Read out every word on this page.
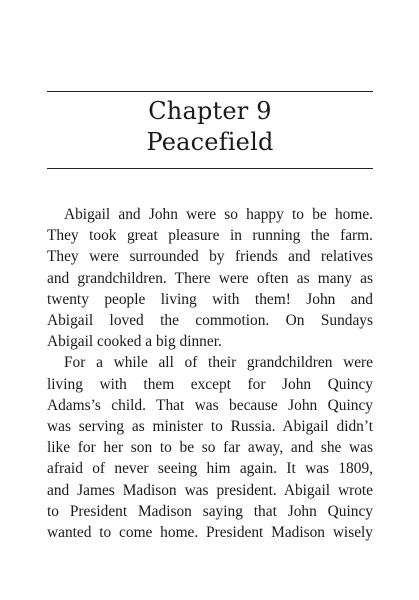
Chapter 9
Peacefield
Abigail and John were so happy to be home.
They took great pleasure in running the farm.
They were surrounded by friends and relatives
and grandchildren. There were often as many as
twenty people living with them! John and
Abigail loved the commotion. On Sundays
Abigail cooked a big dinner.
For a while all of their grandchildren were
living with them except for John Quincy
Adams’s child. That was because John Quincy
was serving as minister to Russia. Abigail didn’t
like for her son to be so far away, and she was
afraid of never seeing him again. It was 1809,
and James Madison was president. Abigail wrote
to President Madison saying that John Quincy
wanted to come home. President Madison wisely
